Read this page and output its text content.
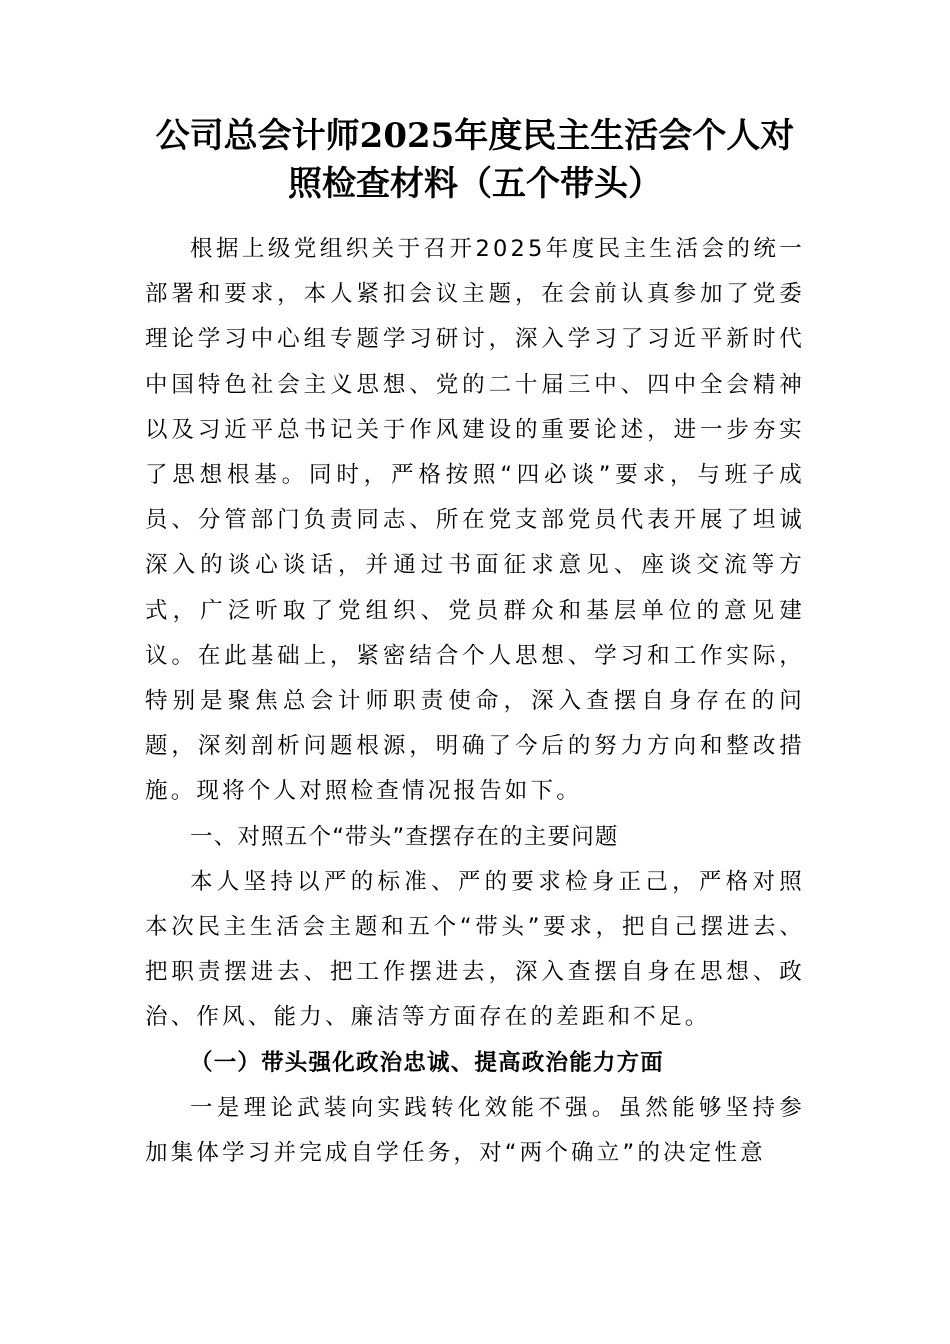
公司总会计师2025年度民主生活会个人对
照检查材料（五个带头）

根据上级党组织关于召开2025年度民主生活会的统一部署和要求，本人紧扣会议主题，在会前认真参加了党委理论学习中心组专题学习研讨，深入学习了习近平新时代中国特色社会主义思想、党的二十届三中、四中全会精神以及习近平总书记关于作风建设的重要论述，进一步夯实了思想根基。同时，严格按照“四必谈”要求，与班子成员、分管部门负责同志、所在党支部党员代表开展了坦诚深入的谈心谈话，并通过书面征求意见、座谈交流等方式，广泛听取了党组织、党员群众和基层单位的意见建议。在此基础上，紧密结合个人思想、学习和工作实际，特别是聚焦总会计师职责使命，深入查摆自身存在的问题，深刻剖析问题根源，明确了今后的努力方向和整改措施。现将个人对照检查情况报告如下。

一、对照五个“带头”查摆存在的主要问题

本人坚持以严的标准、严的要求检身正己，严格对照本次民主生活会主题和五个“带头”要求，把自己摆进去、把职责摆进去、把工作摆进去，深入查摆自身在思想、政治、作风、能力、廉洁等方面存在的差距和不足。

（一）带头强化政治忠诚、提高政治能力方面

一是理论武装向实践转化效能不强。虽然能够坚持参加集体学习并完成自学任务，对“两个确立”的决定性意
